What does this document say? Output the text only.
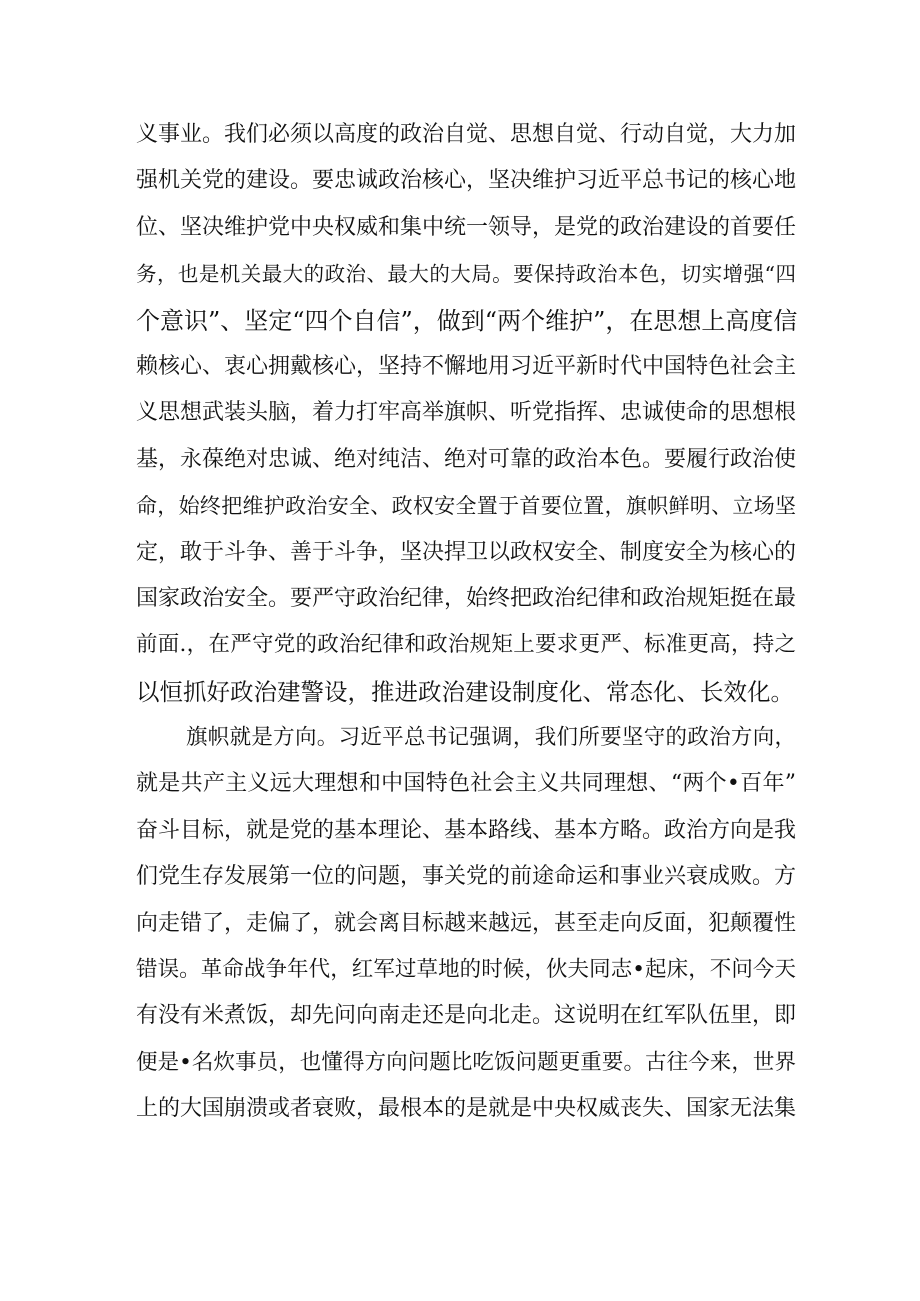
义事业。我们必须以高度的政治自觉、思想自觉、行动自觉，大力加
强机关党的建设。要忠诚政治核心，坚决维护习近平总书记的核心地
位、坚决维护党中央权威和集中统一领导，是党的政治建设的首要任
务，也是机关最大的政治、最大的大局。要保持政治本色，切实增强“四
个意识”、坚定“四个自信”，做到“两个维护”，在思想上高度信
赖核心、衷心拥戴核心，坚持不懈地用习近平新时代中国特色社会主
义思想武装头脑，着力打牢高举旗帜、听党指挥、忠诚使命的思想根
基，永葆绝对忠诚、绝对纯洁、绝对可靠的政治本色。要履行政治使
命，始终把维护政治安全、政权安全置于首要位置，旗帜鲜明、立场坚
定，敢于斗争、善于斗争，坚决捍卫以政权安全、制度安全为核心的
国家政治安全。要严守政治纪律，始终把政治纪律和政治规矩挺在最
前面.，在严守党的政治纪律和政治规矩上要求更严、标准更高，持之
以恒抓好政治建警设，推进政治建设制度化、常态化、长效化。
旗帜就是方向。习近平总书记强调，我们所要坚守的政治方向，
就是共产主义远大理想和中国特色社会主义共同理想、“两个•百年”
奋斗目标，就是党的基本理论、基本路线、基本方略。政治方向是我
们党生存发展第一位的问题，事关党的前途命运和事业兴衰成败。方
向走错了，走偏了，就会离目标越来越远，甚至走向反面，犯颠覆性
错误。革命战争年代，红军过草地的时候，伙夫同志•起床，不问今天
有没有米煮饭，却先问向南走还是向北走。这说明在红军队伍里，即
便是•名炊事员，也懂得方向问题比吃饭问题更重要。古往今来，世界
上的大国崩溃或者衰败，最根本的是就是中央权威丧失、国家无法集
